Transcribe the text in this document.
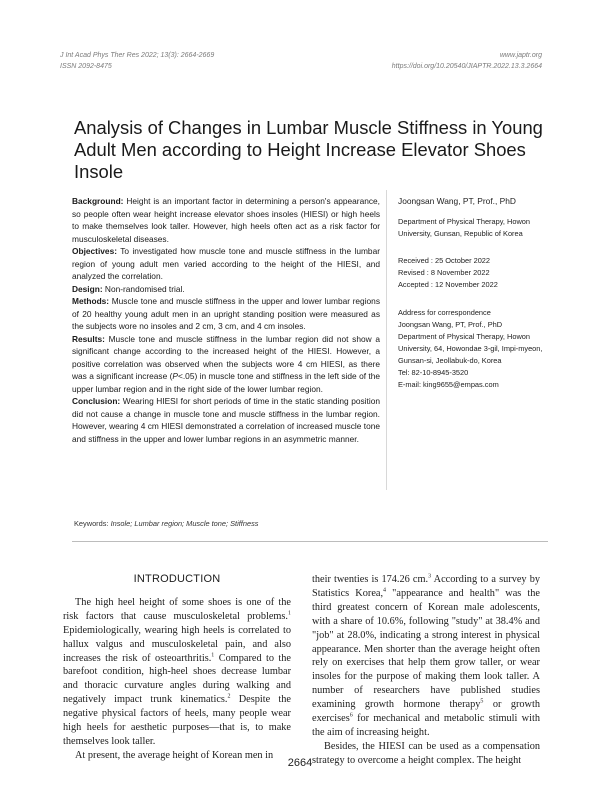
J Int Acad Phys Ther Res 2022; 13(3): 2664-2669
ISSN 2092-8475
www.japtr.org
https://doi.org/10.20540/JIAPTR.2022.13.3.2664
Analysis of Changes in Lumbar Muscle Stiffness in Young Adult Men according to Height Increase Elevator Shoes Insole

Background: Height is an important factor in determining a person's appearance, so people often wear height increase elevator shoes insoles (HIESI) or high heels to make themselves look taller. However, high heels often act as a risk factor for musculoskeletal diseases.

Objectives: To investigated how muscle tone and muscle stiffness in the lumbar region of young adult men varied according to the height of the HIESI, and analyzed the correlation.

Design: Non-randomised trial.

Methods: Muscle tone and muscle stiffness in the upper and lower lumbar regions of 20 healthy young adult men in an upright standing position were measured as the subjects wore no insoles and 2 cm, 3 cm, and 4 cm insoles.

Results: Muscle tone and muscle stiffness in the lumbar region did not show a significant change according to the increased height of the HIESI. However, a positive correlation was observed when the subjects wore 4 cm HIESI, as there was a significant increase (P<.05) in muscle tone and stiffness in the left side of the upper lumbar region and in the right side of the lower lumbar region.

Conclusion: Wearing HIESI for short periods of time in the static standing position did not cause a change in muscle tone and muscle stiffness in the lumbar region. However, wearing 4 cm HIESI demonstrated a correlation of increased muscle tone and stiffness in the upper and lower lumbar regions in an asymmetric manner.

Joongsan Wang, PT, Prof., PhD
Department of Physical Therapy, Howon University, Gunsan, Republic of Korea
Received : 25 October 2022
Revised : 8 November 2022
Accepted : 12 November 2022
Address for correspondence
Joongsan Wang, PT, Prof., PhD
Department of Physical Therapy, Howon University, 64, Howondae 3-gil, Impi-myeon, Gunsan-si, Jeollabuk-do, Korea
Tel: 82-10-8945-3520
E-mail: king9655@empas.com
Keywords: Insole; Lumbar region; Muscle tone; Stiffness
INTRODUCTION

The high heel height of some shoes is one of the risk factors that cause musculoskeletal problems.$^1$ Epidemiologically, wearing high heels is correlated to hallux valgus and musculoskeletal pain, and also increases the risk of osteoarthritis.$^1$ Compared to the barefoot condition, high-heel shoes decrease lumbar and thoracic curvature angles during walking and negatively impact trunk kinematics.$^2$ Despite the negative physical factors of heels, many people wear high heels for aesthetic purposes—that is, to make themselves look taller.

At present, the average height of Korean men in

their twenties is 174.26 cm.$^3$ According to a survey by Statistics Korea,$^4$ "appearance and health" was the third greatest concern of Korean male adolescents, with a share of 10.6%, following "study" at 38.4% and "job" at 28.0%, indicating a strong interest in physical appearance. Men shorter than the average height often rely on exercises that help them grow taller, or wear insoles for the purpose of making them look taller. A number of researchers have published studies examining growth hormone therapy$^5$ or growth exercises$^6$ for mechanical and metabolic stimuli with the aim of increasing height.

Besides, the HIESI can be used as a compensation strategy to overcome a height complex. The height

2664
